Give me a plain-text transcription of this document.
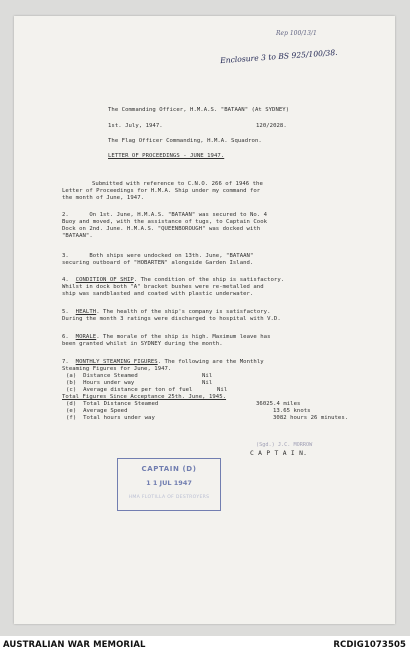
Rep 100/13/1
Enclosure 3 to BS 925/100/38.
The Commanding Officer, H.M.A.S. "BATAAN" (At SYDNEY)
1st. July, 1947.	120/2028.
The Flag Officer Commanding, H.M.A. Squadron.
LETTER OF PROCEEDINGS - JUNE 1947.
Submitted with reference to C.N.O. 266 of 1946 the
Letter of Proceedings for H.M.A. Ship under my command for
the month of June, 1947.
2.      On 1st. June, H.M.A.S. "BATAAN" was secured to No. 4
Buoy and moved, with the assistance of tugs, to Captain Cook
Dock on 2nd. June. H.M.A.S. "QUEENBOROUGH" was docked with
"BATAAN".
3.      Both ships were undocked on 13th. June, "BATAAN"
securing outboard of "HOBARTEN" alongside Garden Island.
4.  CONDITION OF SHIP. The condition of the ship is satisfactory.
Whilst in dock both "A" bracket bushes were re-metalled and
ship was sandblasted and coated with plastic underwater.
5.  HEALTH. The health of the ship's company is satisfactory.
During the month 3 ratings were discharged to hospital with V.D.
6.  MORALE. The morale of the ship is high. Maximum leave has
been granted whilst in SYDNEY during the month.
7.  MONTHLY STEAMING FIGURES. The following are the Monthly
Steaming Figures for June, 1947.
(a)  Distance Steamed	Nil
(b)  Hours under way	Nil
(c)  Average distance per ton of fuel	Nil
Total Figures Since Acceptance 25th. June, 1945.
(d)  Total Distance Steamed	36025.4 miles
(e)  Average Speed	13.65 knots
(f)  Total hours under way	3082 hours 26 minutes.
C A P T A I N.
(Sgd.) J.C. MORROW
CAPTAIN (D)
1 1 JUL 1947
HMA FLOTILLA OF DESTROYERS
AUSTRALIAN WAR MEMORIAL	RCDIG1073505
